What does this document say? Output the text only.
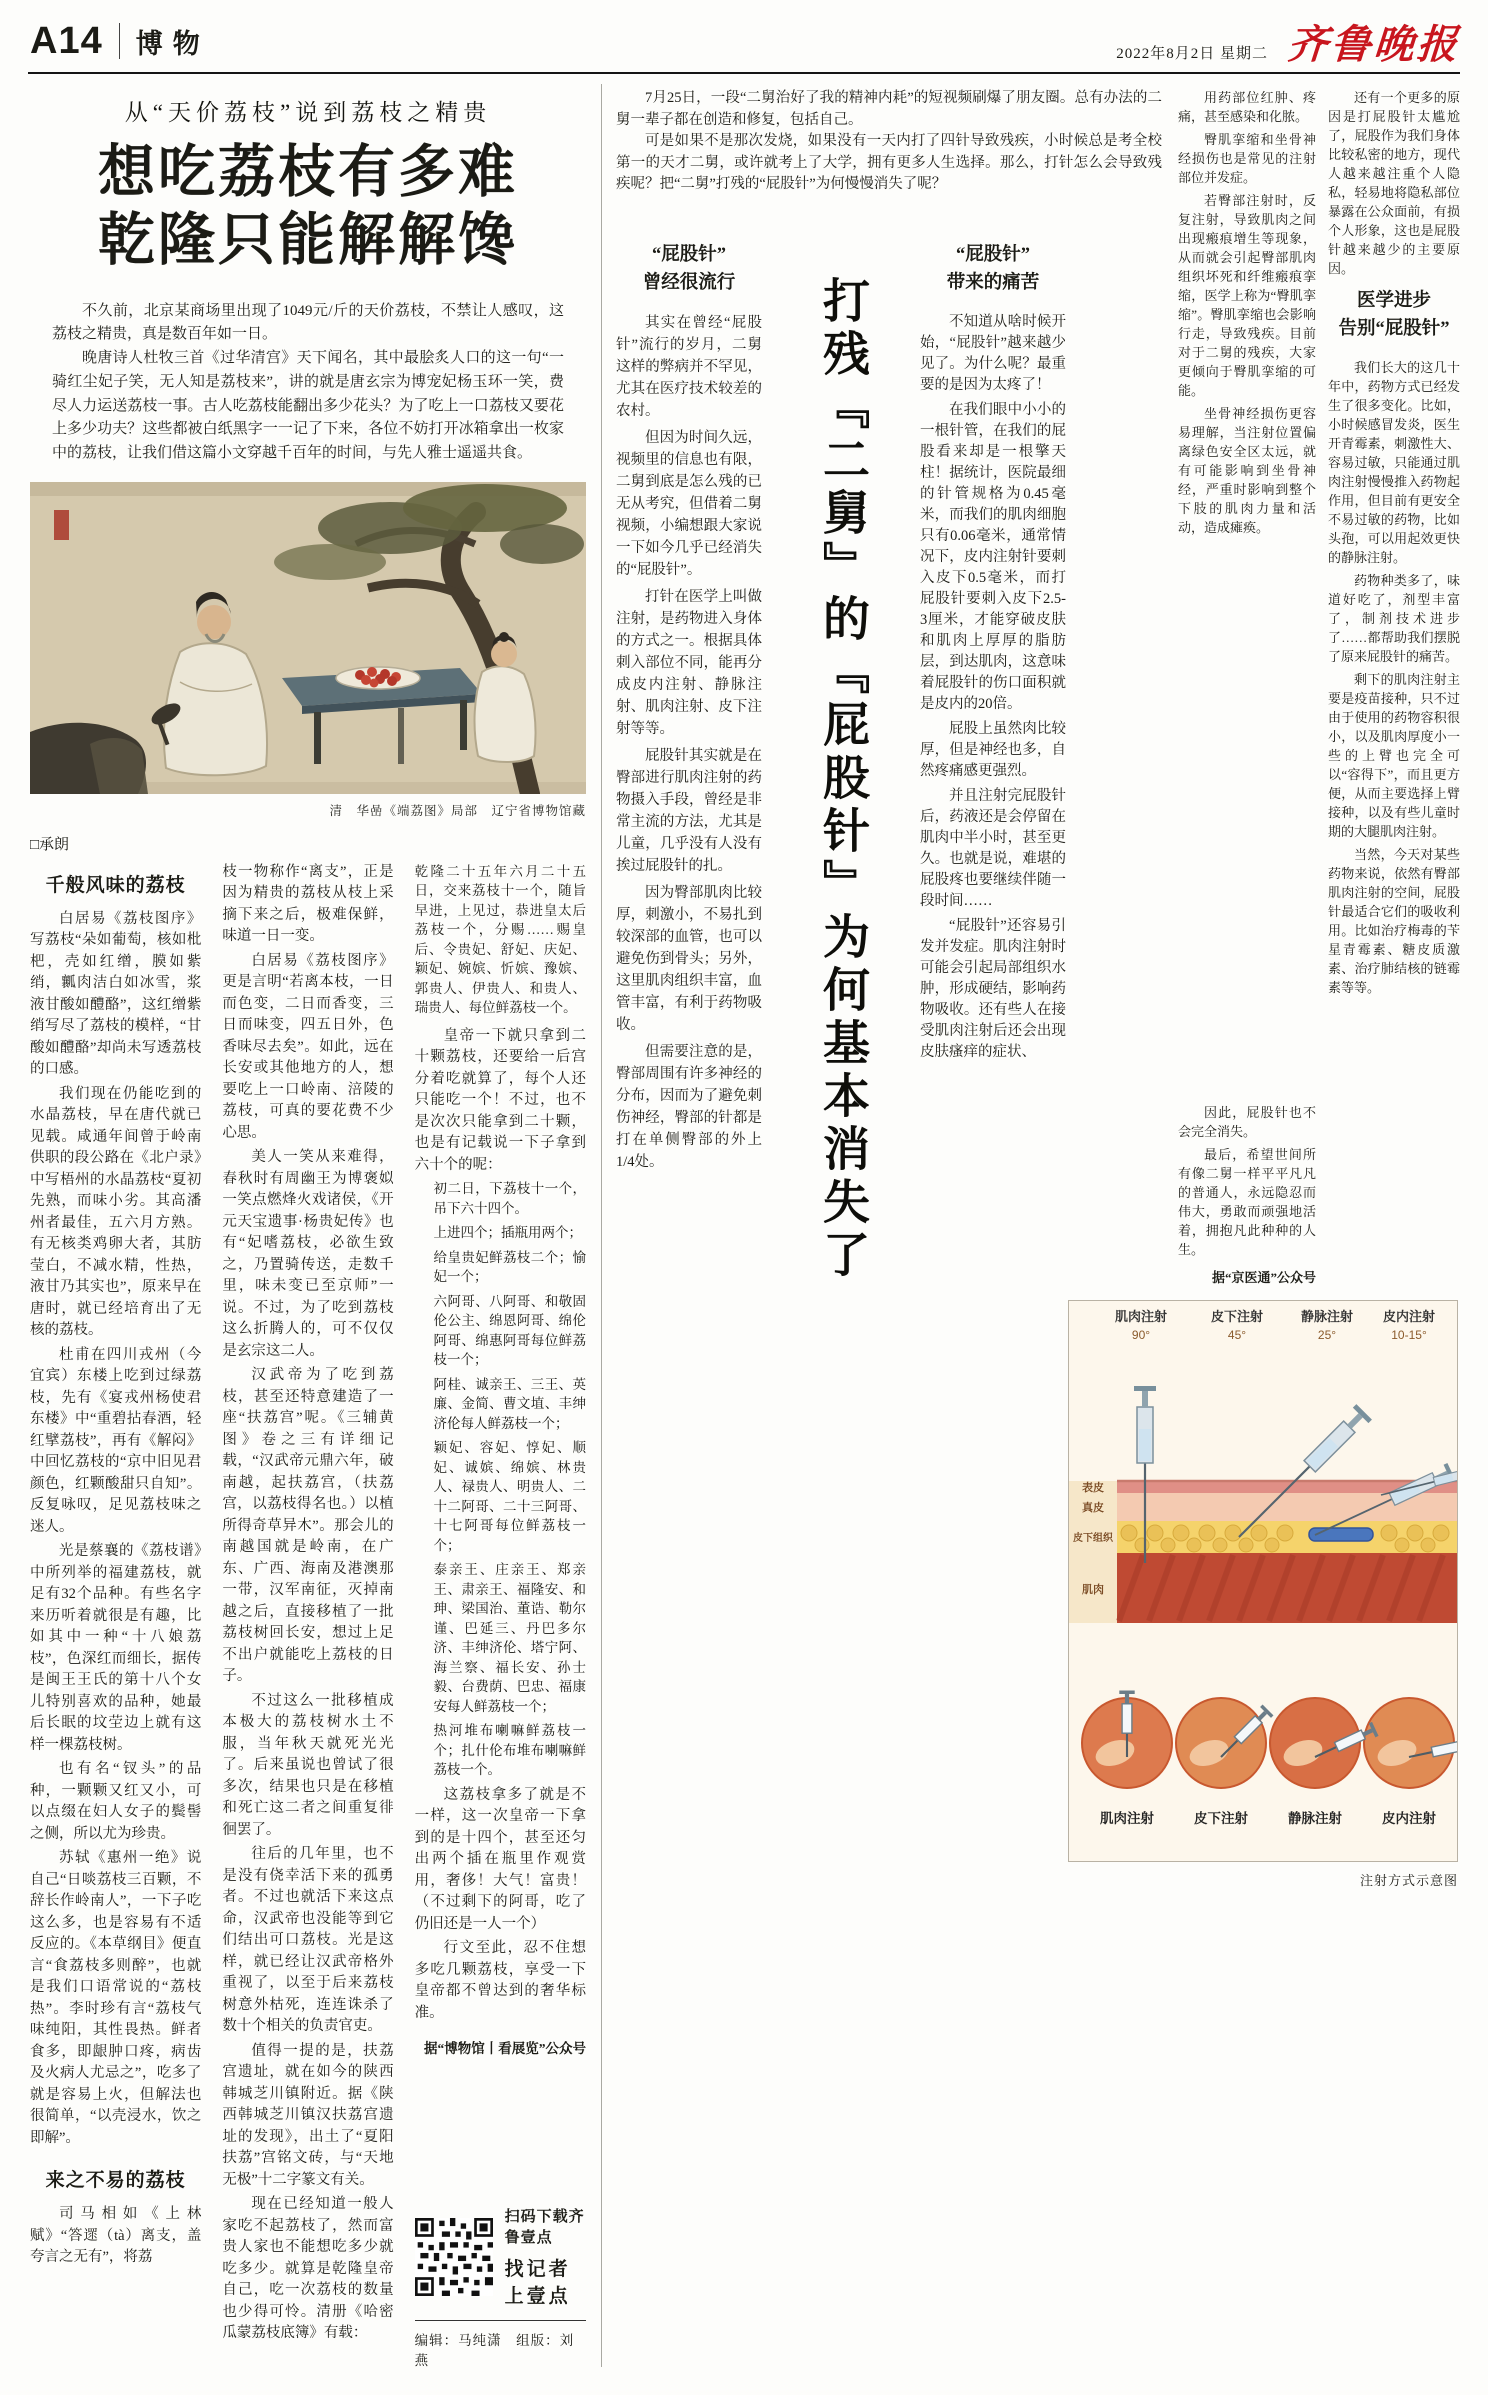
A14 博物	2022年8月2日 星期二 齐鲁晚报
从“天价荔枝”说到荔枝之精贵
想吃荔枝有多难
乾隆只能解解馋

不久前，北京某商场里出现了1049元/斤的天价荔枝，不禁让人感叹，这荔枝之精贵，真是数百年如一日。

晚唐诗人杜牧三首《过华清宫》天下闻名，其中最脍炙人口的这一句“一骑红尘妃子笑，无人知是荔枝来”，讲的就是唐玄宗为博宠妃杨玉环一笑，费尽人力运送荔枝一事。古人吃荔枝能翻出多少花头？为了吃上一口荔枝又要花上多少功夫？这些都被白纸黑字一一记了下来，各位不妨打开冰箱拿出一枚家中的荔枝，让我们借这篇小文穿越千百年的时间，与先人雅士遥遥共食。

清　华喦《端荔图》局部　辽宁省博物馆藏
□承朗
千般风味的荔枝

白居易《荔枝图序》写荔枝“朵如葡萄，核如枇杷，壳如红缯，膜如紫绡，瓤肉洁白如冰雪，浆液甘酸如醴酪”，这红缯紫绡写尽了荔枝的模样，“甘酸如醴酪”却尚未写透荔枝的口感。

我们现在仍能吃到的水晶荔枝，早在唐代就已见载。咸通年间曾于岭南供职的段公路在《北户录》中写梧州的水晶荔枝“夏初先熟，而味小劣。其高潘州者最佳，五六月方熟。有无核类鸡卵大者，其肪莹白，不减水精，性热，液甘乃其实也”，原来早在唐时，就已经培育出了无核的荔枝。

杜甫在四川戎州（今宜宾）东楼上吃到过绿荔枝，先有《宴戎州杨使君东楼》中“重碧拈春酒，轻红擘荔枝”，再有《解闷》中回忆荔枝的“京中旧见君颜色，红颗酸甜只自知”。反复咏叹，足见荔枝味之迷人。

光是蔡襄的《荔枝谱》中所列举的福建荔枝，就足有32个品种。有些名字来历听着就很是有趣，比如其中一种“十八娘荔枝”，色深红而细长，据传是闽王王氏的第十八个女儿特别喜欢的品种，她最后长眠的坟茔边上就有这样一棵荔枝树。

也有名“钗头”的品种，一颗颗又红又小，可以点缀在妇人女子的鬓髻之侧，所以尤为珍贵。

苏轼《惠州一绝》说自己“日啖荔枝三百颗，不辞长作岭南人”，一下子吃这么多，也是容易有不适反应的。《本草纲目》便直言“食荔枝多则醉”，也就是我们口语常说的“荔枝热”。李时珍有言“荔枝气味纯阳，其性畏热。鲜者食多，即龈肿口疼，病齿及火病人尤忌之”，吃多了就是容易上火，但解法也很简单，“以壳浸水，饮之即解”。

来之不易的荔枝

司马相如《上林赋》“答遝（tà）离支，盖夸言之无有”，将荔

枝一物称作“离支”，正是因为精贵的荔枝从枝上采摘下来之后，极难保鲜，味道一日一变。

白居易《荔枝图序》更是言明“若离本枝，一日而色变，二日而香变，三日而味变，四五日外，色香味尽去矣”。如此，远在长安或其他地方的人，想要吃上一口岭南、涪陵的荔枝，可真的要花费不少心思。

美人一笑从来难得，春秋时有周幽王为博褒姒一笑点燃烽火戏诸侯，《开元天宝遗事·杨贵妃传》也有“妃嗜荔枝，必欲生致之，乃置骑传送，走数千里，味未变已至京师”一说。不过，为了吃到荔枝这么折腾人的，可不仅仅是玄宗这二人。

汉武帝为了吃到荔枝，甚至还特意建造了一座“扶荔宫”呢。《三辅黄图》卷之三有详细记载，“汉武帝元鼎六年，破南越，起扶荔宫，（扶荔宫，以荔枝得名也。）以植所得奇草异木”。那会儿的南越国就是岭南，在广东、广西、海南及港澳那一带，汉军南征，灭掉南越之后，直接移植了一批荔枝树回长安，想过上足不出户就能吃上荔枝的日子。

不过这么一批移植成本极大的荔枝树水土不服，当年秋天就死光光了。后来虽说也曾试了很多次，结果也只是在移植和死亡这二者之间重复徘徊罢了。

往后的几年里，也不是没有侥幸活下来的孤勇者。不过也就活下来这点命，汉武帝也没能等到它们结出可口荔枝。光是这样，就已经让汉武帝格外重视了，以至于后来荔枝树意外枯死，连连诛杀了数十个相关的负责官吏。

值得一提的是，扶荔宫遗址，就在如今的陕西韩城芝川镇附近。据《陕西韩城芝川镇汉扶荔宫遗址的发现》，出土了“夏阳扶荔”宫铭文砖，与“天地无极”十二字篆文有关。

现在已经知道一般人家吃不起荔枝了，然而富贵人家也不能想吃多少就吃多少。就算是乾隆皇帝自己，吃一次荔枝的数量也少得可怜。清册《哈密瓜蒙荔枝底簿》有载：

乾隆二十五年六月二十五日，交来荔枝十一个，随旨早进，上见过，恭进皇太后荔枝一个，分赐……赐皇后、令贵妃、舒妃、庆妃、颖妃、婉嫔、忻嫔、豫嫔、郭贵人、伊贵人、和贵人、瑞贵人、每位鲜荔枝一个。

皇帝一下就只拿到二十颗荔枝，还要给一后宫分着吃就算了，每个人还只能吃一个！不过，也不是次次只能拿到二十颗，也是有记载说一下子拿到六十个的呢：

初二日，下荔枝十一个，吊下六十四个。

上进四个；插瓶用两个；

给皇贵妃鲜荔枝二个；愉妃一个；

六阿哥、八阿哥、和敬固伦公主、绵恩阿哥、绵伦阿哥、绵惠阿哥每位鲜荔枝一个；

阿桂、诚亲王、三王、英廉、金简、曹文埴、丰绅济伦每人鲜荔枝一个；

颖妃、容妃、惇妃、顺妃、诚嫔、绵嫔、林贵人、禄贵人、明贵人、二十二阿哥、二十三阿哥、十七阿哥每位鲜荔枝一个；

泰亲王、庄亲王、郑亲王、肃亲王、福隆安、和珅、梁国治、董诰、勒尔谨、巴延三、丹巴多尔济、丰绅济伦、塔宁阿、海兰察、福长安、孙士毅、台费荫、巴忠、福康安每人鲜荔枝一个；

热河堆布喇嘛鲜荔枝一个；扎什伦布堆布喇嘛鲜荔枝一个。

这荔枝拿多了就是不一样，这一次皇帝一下拿到的是十四个，甚至还匀出两个插在瓶里作观赏用，奢侈！大气！富贵！（不过剩下的阿哥，吃了仍旧还是一人一个）

行文至此，忍不住想多吃几颗荔枝，享受一下皇帝都不曾达到的奢华标准。

据“博物馆丨看展览”公众号
扫码下载齐鲁壹点
找记者 上壹点
编辑：马纯潇　组版：刘燕

7月25日，一段“二舅治好了我的精神内耗”的短视频刷爆了朋友圈。总有办法的二舅一辈子都在创造和修复，包括自己。

可是如果不是那次发烧，如果没有一天内打了四针导致残疾，小时候总是考全校第一的天才二舅，或许就考上了大学，拥有更多人生选择。那么，打针怎么会导致残疾呢？把“二舅”打残的“屁股针”为何慢慢消失了呢？

“屁股针”
曾经很流行

其实在曾经“屁股针”流行的岁月，二舅这样的弊病并不罕见，尤其在医疗技术较差的农村。

但因为时间久远，视频里的信息也有限，二舅到底是怎么残的已无从考究，但借着二舅视频，小编想跟大家说一下如今几乎已经消失的“屁股针”。

打针在医学上叫做注射，是药物进入身体的方式之一。根据具体刺入部位不同，能再分成皮内注射、静脉注射、肌肉注射、皮下注射等等。

屁股针其实就是在臀部进行肌肉注射的药物摄入手段，曾经是非常主流的方法，尤其是儿童，几乎没有人没有挨过屁股针的扎。

因为臀部肌肉比较厚，刺激小，不易扎到较深部的血管，也可以避免伤到骨头；另外，这里肌肉组织丰富，血管丰富，有利于药物吸收。

但需要注意的是，臀部周围有许多神经的分布，因而为了避免刺伤神经，臀部的针都是打在单侧臀部的外上1/4处。	打残『二舅』的『屁股针』为何基本消失了
“屁股针”
带来的痛苦

不知道从啥时候开始，“屁股针”越来越少见了。为什么呢？最重要的是因为太疼了！

在我们眼中小小的一根针管，在我们的屁股看来却是一根擎天柱！据统计，医院最细的针管规格为0.45毫米，而我们的肌肉细胞只有0.06毫米，通常情况下，皮内注射针要刺入皮下0.5毫米，而打屁股针要刺入皮下2.5-3厘米，才能穿破皮肤和肌肉上厚厚的脂肪层，到达肌肉，这意味着屁股针的伤口面积就是皮内的20倍。

屁股上虽然肉比较厚，但是神经也多，自然疼痛感更强烈。

并且注射完屁股针后，药液还是会停留在肌肉中半小时，甚至更久。也就是说，难堪的屁股疼也要继续伴随一段时间……

“屁股针”还容易引发并发症。肌肉注射时可能会引起局部组织水肿，形成硬结，影响药物吸收。还有些人在接受肌肉注射后还会出现皮肤瘙痒的症状、

用药部位红肿、疼痛，甚至感染和化脓。

臀肌挛缩和坐骨神经损伤也是常见的注射部位并发症。

若臀部注射时，反复注射，导致肌肉之间出现瘢痕增生等现象，从而就会引起臀部肌肉组织坏死和纤维瘢痕挛缩，医学上称为“臀肌挛缩”。臀肌挛缩也会影响行走，导致残疾。目前对于二舅的残疾，大家更倾向于臀肌挛缩的可能。

坐骨神经损伤更容易理解，当注射位置偏离绿色安全区太远，就有可能影响到坐骨神经，严重时影响到整个下肢的肌肉力量和活动，造成瘫痪。

因此，屁股针也不会完全消失。

最后，希望世间所有像二舅一样平平凡凡的普通人，永远隐忍而伟大，勇敢而顽强地活着，拥抱凡此种种的人生。

据“京医通”公众号

还有一个更多的原因是打屁股针太尴尬了，屁股作为我们身体比较私密的地方，现代人越来越注重个人隐私，轻易地将隐私部位暴露在公众面前，有损个人形象，这也是屁股针越来越少的主要原因。

医学进步
告别“屁股针”

我们长大的这几十年中，药物方式已经发生了很多变化。比如，小时候感冒发炎，医生开青霉素，刺激性大、容易过敏，只能通过肌肉注射慢慢推入药物起作用，但目前有更安全不易过敏的药物，比如头孢，可以用起效更快的静脉注射。

药物种类多了，味道好吃了，剂型丰富了，制剂技术进步了……都帮助我们摆脱了原来屁股针的痛苦。

剩下的肌肉注射主要是疫苗接种，只不过由于使用的药物容积很小，以及肌肉厚度小一些的上臂也完全可以“容得下”，而且更方便，从而主要选择上臂接种，以及有些儿童时期的大腿肌肉注射。

当然，今天对某些药物来说，依然有臀部肌肉注射的空间，屁股针最适合它们的吸收利用。比如治疗梅毒的苄星青霉素、糖皮质激素、治疗肺结核的链霉素等等。

肌肉注射	皮下注射	静脉注射 皮内注射
90°	45°	25°	10-15°
表皮
真皮
皮下组织
肌肉
肌肉注射	皮下注射	静脉注射	皮内注射
注射方式示意图
